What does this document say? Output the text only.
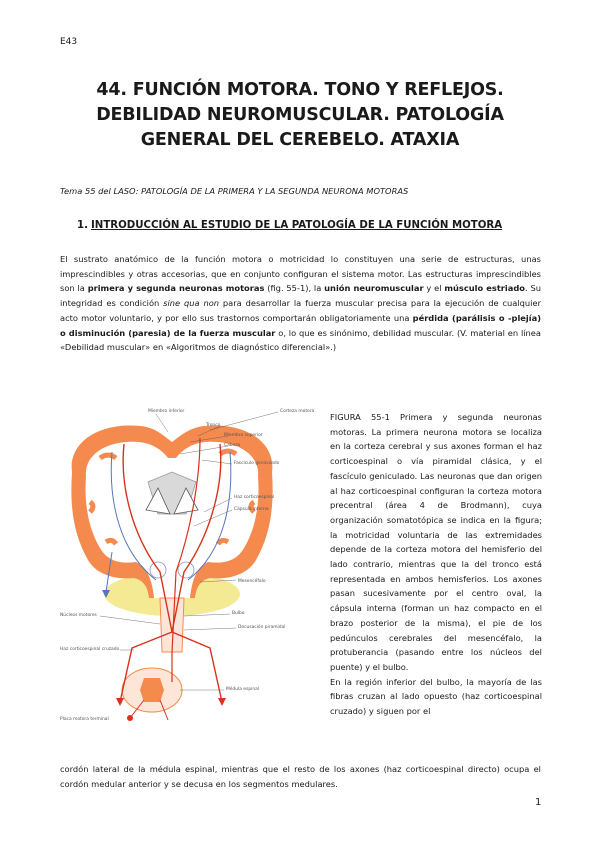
E43
44. FUNCIÓN MOTORA. TONO Y REFLEJOS.
DEBILIDAD NEUROMUSCULAR. PATOLOGÍA
GENERAL DEL CEREBELO. ATAXIA
Tema 55 del LASO: PATOLOGÍA DE LA PRIMERA Y LA SEGUNDA NEURONA MOTORAS
1. INTRODUCCIÓN AL ESTUDIO DE LA PATOLOGÍA DE LA FUNCIÓN MOTORA
El sustrato anatómico de la función motora o motricidad lo constituyen una serie de estructuras, unas imprescindibles y otras accesorias, que en conjunto configuran el sistema motor. Las estructuras imprescindibles son la primera y segunda neuronas motoras (fig. 55-1), la unión neuromuscular y el músculo estriado. Su integridad es condición sine qua non para desarrollar la fuerza muscular precisa para la ejecución de cualquier acto motor voluntario, y por ello sus trastornos comportarán obligatoriamente una pérdida (parálisis o -plejía) o disminución (paresia) de la fuerza muscular o, lo que es sinónimo, debilidad muscular. (V. material en línea «Debilidad muscular» en «Algoritmos de diagnóstico diferencial».)
Miembro inferior	Corteza motora
Tronco
Miembro superior
Cabeza
Fascículo geniculado
Haz corticoespinal
Cápsula interna
Mesencéfalo
Bulbo
Núcleos motores
Decusación piramidal
Haz corticoespinal cruzado
Médula espinal
Placa motora terminal
FIGURA 55-1 Primera y segunda neuronas motoras. La primera neurona motora se localiza en la corteza cerebral y sus axones forman el haz corticoespinal o vía piramidal clásica, y el fascículo geniculado. Las neuronas que dan origen al haz corticoespinal configuran la corteza motora precentral (área 4 de Brodmann), cuya organización somatotópica se indica en la figura; la motricidad voluntaria de las extremidades depende de la corteza motora del hemisferio del lado contrario, mientras que la del tronco está representada en ambos hemisferios. Los axones pasan sucesivamente por el centro oval, la cápsula interna (forman un haz compacto en el brazo posterior de la misma), el pie de los pedúnculos cerebrales del mesencéfalo, la protuberancia (pasando entre los núcleos del puente) y el bulbo.
En la región inferior del bulbo, la mayoría de las fibras cruzan al lado opuesto (haz corticoespinal cruzado) y siguen por el
cordón lateral de la médula espinal, mientras que el resto de los axones (haz corticoespinal directo) ocupa el cordón medular anterior y se decusa en los segmentos medulares.
1
